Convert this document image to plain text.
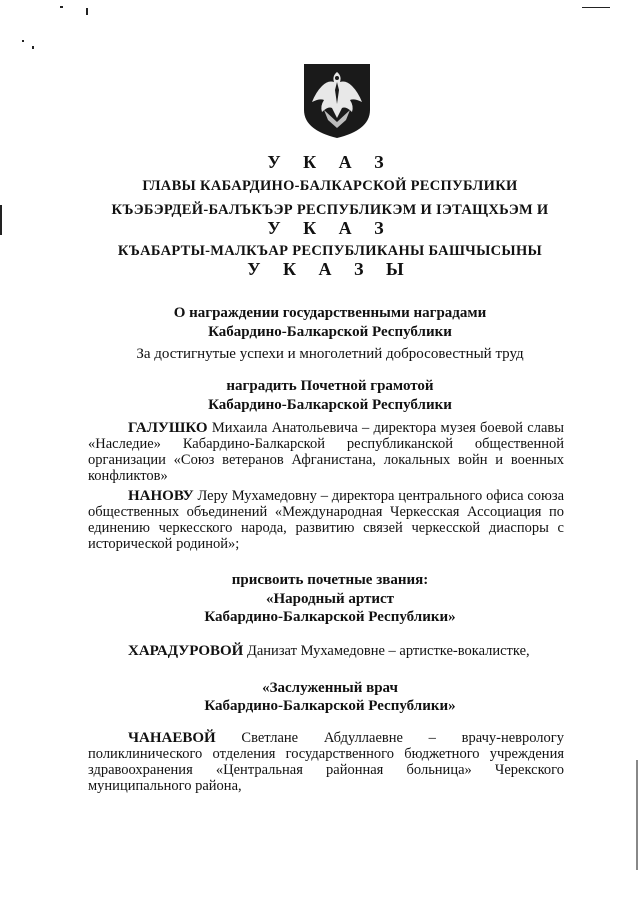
У К А З
ГЛАВЫ КАБАРДИНО-БАЛКАРСКОЙ РЕСПУБЛИКИ
КЪЭБЭРДЕЙ-БАЛЪКЪЭР РЕСПУБЛИКЭМ И IЭТАЩХЬЭМ И
У К А З
КЪАБАРТЫ-МАЛКЪАР РЕСПУБЛИКАНЫ БАШЧЫСЫНЫ
У К А З Ы
О награждении государственными наградами
Кабардино-Балкарской Республики
За достигнутые успехи и многолетний добросовестный труд
наградить Почетной грамотой
Кабардино-Балкарской Республики
ГАЛУШКО Михаила Анатольевича – директора музея боевой славы «Наследие» Кабардино-Балкарской республиканской общественной организации «Союз ветеранов Афганистана, локальных войн и военных конфликтов»
НАНОВУ Леру Мухамедовну – директора центрального офиса союза общественных объединений «Международная Черкесская Ассоциация по единению черкесского народа, развитию связей черкесской диаспоры с исторической родиной»;
присвоить почетные звания:
«Народный артист
Кабардино-Балкарской Республики»
ХАРАДУРОВОЙ Данизат Мухамедовне – артистке-вокалистке,
«Заслуженный врач
Кабардино-Балкарской Республики»
ЧАНАЕВОЙ Светлане Абдуллаевне – врачу-неврологу поликлинического отделения государственного бюджетного учреждения здравоохранения «Центральная районная больница» Черекского муниципального района,
